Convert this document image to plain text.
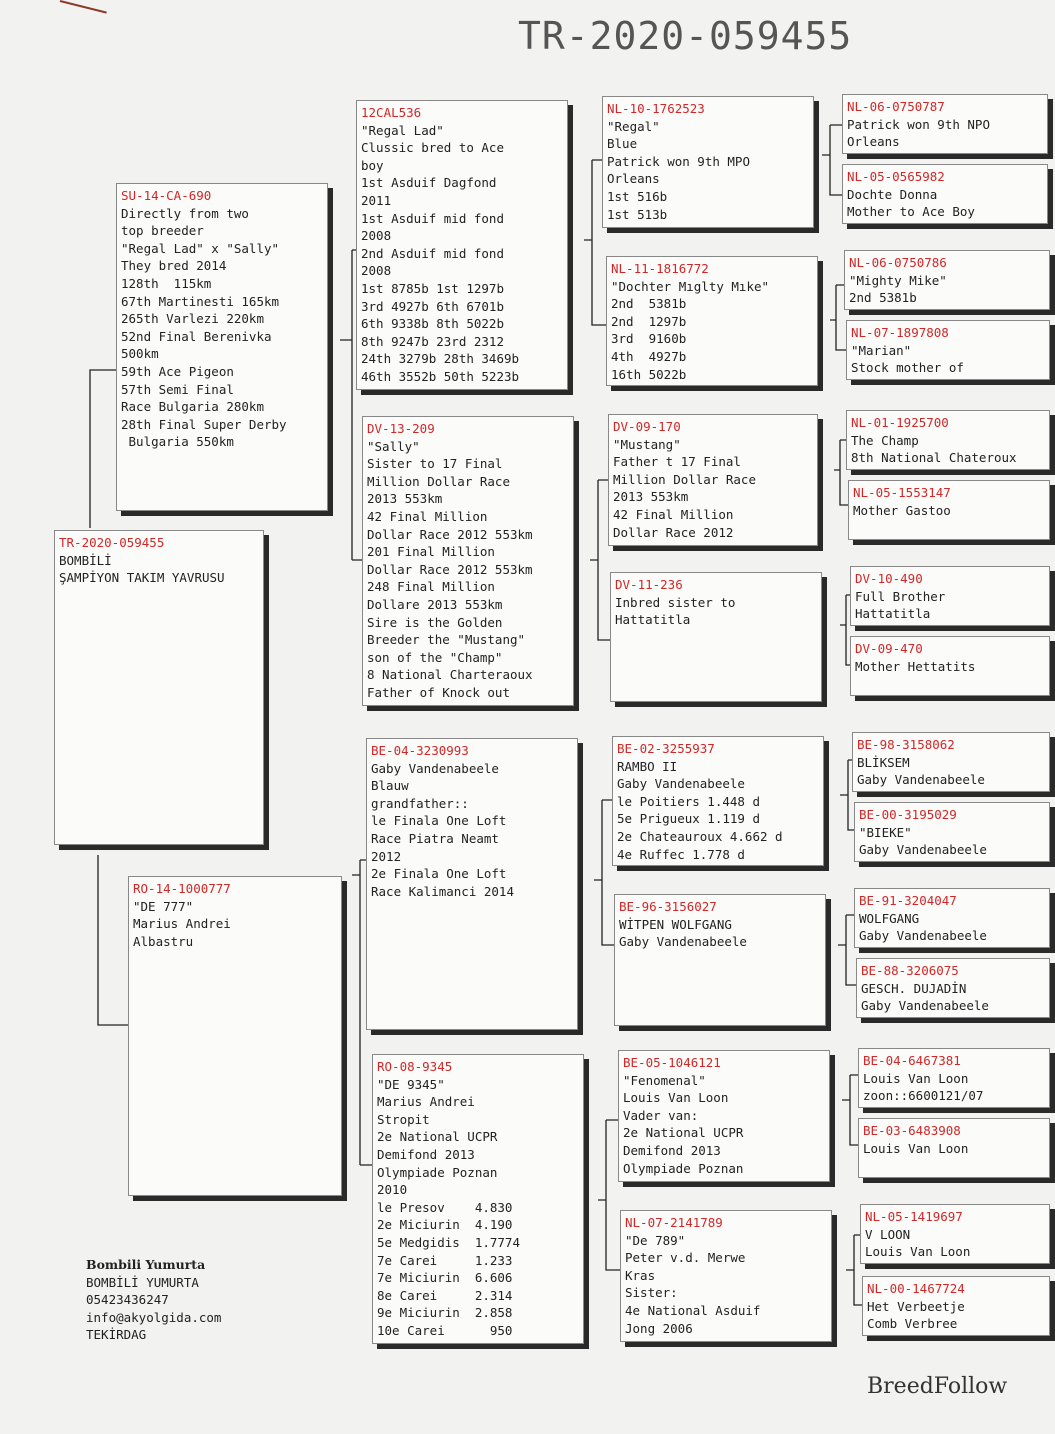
TR-2020-059455
TR-2020-059455
BOMBİLİ
ŞAMPİYON TAKIM YAVRUSU
SU-14-CA-690
Directly from two
top breeder
"Regal Lad" x "Sally"
They bred 2014
128th  115km
67th Martinesti 165km
265th Varlezi 220km
52nd Final Berenivka
500km
59th Ace Pigeon
57th Semi Final
Race Bulgaria 280km
28th Final Super Derby
Bulgaria 550km
RO-14-1000777
"DE 777"
Marius Andrei
Albastru
12CAL536
"Regal Lad"
Clussic bred to Ace
boy
1st Asduif Dagfond
2011
1st Asduif mid fond
2008
2nd Asduif mid fond
2008
1st 8785b 1st 1297b
3rd 4927b 6th 6701b
6th 9338b 8th 5022b
8th 9247b 23rd 2312
24th 3279b 28th 3469b
46th 3552b 50th 5223b
DV-13-209
"Sally"
Sister to 17 Final
Million Dollar Race
2013 553km
42 Final Million
Dollar Race 2012 553km
201 Final Million
Dollar Race 2012 553km
248 Final Million
Dollare 2013 553km
Sire is the Golden
Breeder the "Mustang"
son of the "Champ"
8 National Charteraoux
Father of Knock out
BE-04-3230993
Gaby Vandenabeele
Blauw
grandfather::
le Finala One Loft
Race Piatra Neamt
2012
2e Finala One Loft
Race Kalimanci 2014
RO-08-9345
"DE 9345"
Marius Andrei
Stropit
2e National UCPR
Demifond 2013
Olympiade Poznan
2010
le Presov    4.830
2e Miciurin  4.190
5e Medgidis  1.7774
7e Carei     1.233
7e Miciurin  6.606
8e Carei     2.314
9e Miciurin  2.858
10e Carei      950
NL-10-1762523
"Regal"
Blue
Patrick won 9th MPO
Orleans
1st 516b
1st 513b
NL-11-1816772
"Dochter Mıglty Mıke"
2nd  5381b
2nd  1297b
3rd  9160b
4th  4927b
16th 5022b
DV-09-170
"Mustang"
Father t 17 Final
Million Dollar Race
2013 553km
42 Final Million
Dollar Race 2012
DV-11-236
Inbred sister to
Hattatitla
BE-02-3255937
RAMBO II
Gaby Vandenabeele
le Poitiers 1.448 d
5e Prigueux 1.119 d
2e Chateauroux 4.662 d
4e Ruffec 1.778 d
BE-96-3156027
WİTPEN WOLFGANG
Gaby Vandenabeele
BE-05-1046121
"Fenomenal"
Louis Van Loon
Vader van:
2e National UCPR
Demifond 2013
Olympiade Poznan
NL-07-2141789
"De 789"
Peter v.d. Merwe
Kras
Sister:
4e National Asduif
Jong 2006
NL-06-0750787
Patrick won 9th NPO
Orleans
NL-05-0565982
Dochte Donna
Mother to Ace Boy
NL-06-0750786
"Mighty Mike"
2nd 5381b
NL-07-1897808
"Marian"
Stock mother of
NL-01-1925700
The Champ
8th National Chateroux
NL-05-1553147
Mother Gastoo
DV-10-490
Full Brother
Hattatitla
DV-09-470
Mother Hettatits
BE-98-3158062
BLİKSEM
Gaby Vandenabeele
BE-00-3195029
"BIEKE"
Gaby Vandenabeele
BE-91-3204047
WOLFGANG
Gaby Vandenabeele
BE-88-3206075
GESCH. DUJADİN
Gaby Vandenabeele
BE-04-6467381
Louis Van Loon
zoon::6600121/07
BE-03-6483908
Louis Van Loon
NL-05-1419697
V LOON
Louis Van Loon
NL-00-1467724
Het Verbeetje
Comb Verbree
Bombili Yumurta
BOMBİLİ YUMURTA
05423436247
info@akyolgida.com
TEKİRDAG
BreedFollow
